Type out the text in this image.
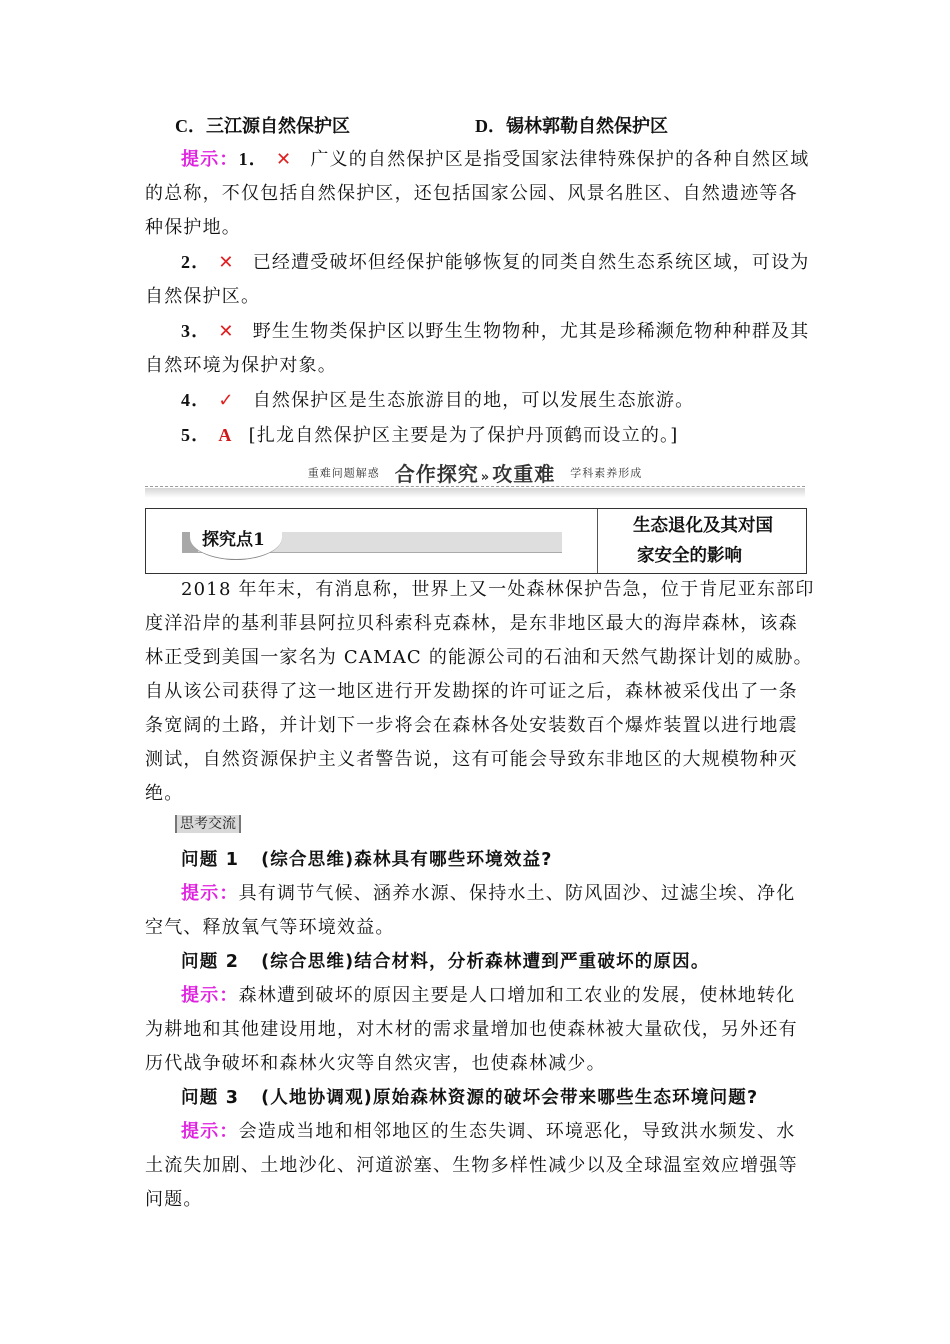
C．三江源自然保护区	D．锡林郭勒自然保护区
提示：1． ✕ 广义的自然保护区是指受国家法律特殊保护的各种自然区域
的总称，不仅包括自然保护区，还包括国家公园、风景名胜区、自然遗迹等各
种保护地。
2． ✕ 已经遭受破坏但经保护能够恢复的同类自然生态系统区域，可设为
自然保护区。
3． ✕ 野生生物类保护区以野生生物物种，尤其是珍稀濒危物种种群及其
自然环境为保护对象。
4． ✓ 自然保护区是生态旅游目的地，可以发展生态旅游。
5． A [扎龙自然保护区主要是为了保护丹顶鹤而设立的。]
重难问题解惑 合作探究 » 攻重难 学科素养形成
探究点1
生态退化及其对国
家安全的影响
2018 年年末，有消息称，世界上又一处森林保护告急，位于肯尼亚东部印
度洋沿岸的基利菲县阿拉贝科索科克森林，是东非地区最大的海岸森林，该森
林正受到美国一家名为 CAMAC 的能源公司的石油和天然气勘探计划的威胁。
自从该公司获得了这一地区进行开发勘探的许可证之后，森林被采伐出了一条
条宽阔的土路，并计划下一步将会在森林各处安装数百个爆炸装置以进行地震
测试，自然资源保护主义者警告说，这有可能会导致东非地区的大规模物种灭
绝。
思考交流
问题 1 (综合思维)森林具有哪些环境效益?
提示：具有调节气候、涵养水源、保持水土、防风固沙、过滤尘埃、净化
空气、释放氧气等环境效益。
问题 2 (综合思维)结合材料，分析森林遭到严重破坏的原因。
提示：森林遭到破坏的原因主要是人口增加和工农业的发展，使林地转化
为耕地和其他建设用地，对木材的需求量增加也使森林被大量砍伐，另外还有
历代战争破坏和森林火灾等自然灾害，也使森林减少。
问题 3 (人地协调观)原始森林资源的破坏会带来哪些生态环境问题?
提示：会造成当地和相邻地区的生态失调、环境恶化，导致洪水频发、水
土流失加剧、土地沙化、河道淤塞、生物多样性减少以及全球温室效应增强等
问题。
